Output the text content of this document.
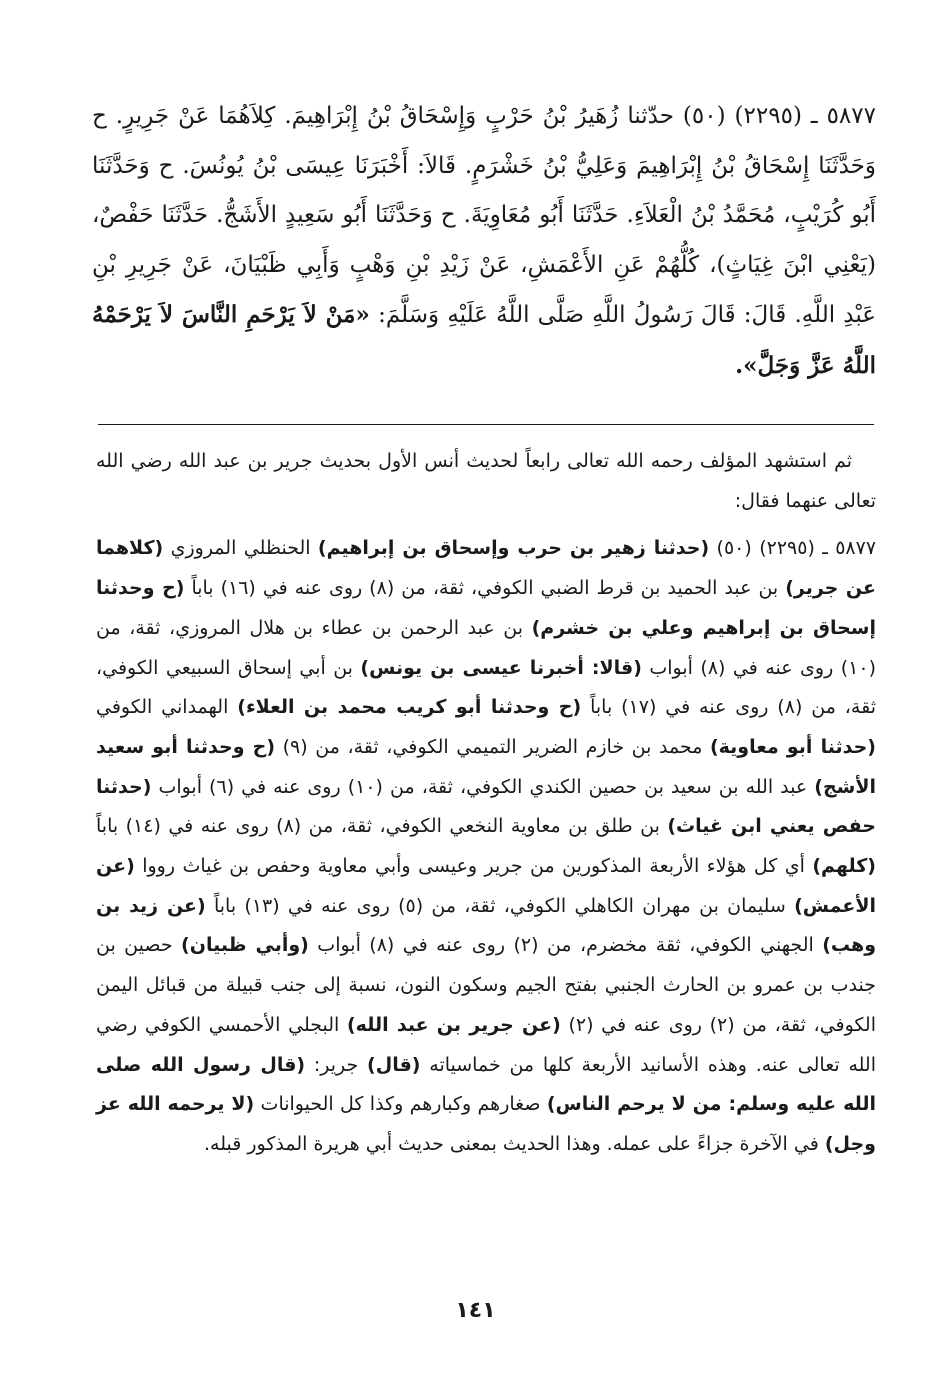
٥٨٧٧ ـ (٢٢٩٥) (٥٠) حدّثنا زُهَيرُ بْنُ حَرْبٍ وَإِسْحَاقُ بْنُ إِبْرَاهِيمَ. كِلاَهُمَا عَنْ جَرِيرٍ. ح وَحَدَّثَنَا إِسْحَاقُ بْنُ إِبْرَاهِيمَ وَعَلِيُّ بْنُ خَشْرَمٍ. قَالاَ: أَخْبَرَنَا عِيسَى بْنُ يُونُسَ. ح وَحَدَّثَنَا أَبُو كُرَيْبٍ، مُحَمَّدُ بْنُ الْعَلاَءِ. حَدَّثَنَا أَبُو مُعَاوِيَةَ. ح وَحَدَّثَنَا أَبُو سَعِيدٍ الأَشَجُّ. حَدَّثَنَا حَفْصٌ، (يَعْنِي ابْنَ غِيَاثٍ)، كُلُّهُمْ عَنِ الأَعْمَشِ، عَنْ زَيْدِ بْنِ وَهْبٍ وَأَبِي ظَبْيَانَ، عَنْ جَرِيرِ بْنِ عَبْدِ اللَّهِ. قَالَ: قَالَ رَسُولُ اللَّهِ صَلَّى اللَّهُ عَلَيْهِ وَسَلَّمَ: «مَنْ لاَ يَرْحَمِ النَّاسَ لاَ يَرْحَمْهُ اللَّهُ عَزَّ وَجَلَّ».

ثم استشهد المؤلف رحمه الله تعالى رابعاً لحديث أنس الأول بحديث جرير بن عبد الله رضي الله تعالى عنهما فقال:

٥٨٧٧ ـ (٢٢٩٥) (٥٠) (حدثنا زهير بن حرب وإسحاق بن إبراهيم) الحنظلي المروزي (كلاهما عن جرير) بن عبد الحميد بن قرط الضبي الكوفي، ثقة، من (٨) روى عنه في (١٦) باباً (ح وحدثنا إسحاق بن إبراهيم وعلي بن خشرم) بن عبد الرحمن بن عطاء بن هلال المروزي، ثقة، من (١٠) روى عنه في (٨) أبواب (قالا: أخبرنا عيسى بن يونس) بن أبي إسحاق السبيعي الكوفي، ثقة، من (٨) روى عنه في (١٧) باباً (ح وحدثنا أبو كريب محمد بن العلاء) الهمداني الكوفي (حدثنا أبو معاوية) محمد بن خازم الضرير التميمي الكوفي، ثقة، من (٩) (ح وحدثنا أبو سعيد الأشج) عبد الله بن سعيد بن حصين الكندي الكوفي، ثقة، من (١٠) روى عنه في (٦) أبواب (حدثنا حفص يعني ابن غياث) بن طلق بن معاوية النخعي الكوفي، ثقة، من (٨) روى عنه في (١٤) باباً (كلهم) أي كل هؤلاء الأربعة المذكورين من جرير وعيسى وأبي معاوية وحفص بن غياث رووا (عن الأعمش) سليمان بن مهران الكاهلي الكوفي، ثقة، من (٥) روى عنه في (١٣) باباً (عن زيد بن وهب) الجهني الكوفي، ثقة مخضرم، من (٢) روى عنه في (٨) أبواب (وأبي ظبيان) حصين بن جندب بن عمرو بن الحارث الجنبي بفتح الجيم وسكون النون، نسبة إلى جنب قبيلة من قبائل اليمن الكوفي، ثقة، من (٢) روى عنه في (٢) (عن جرير بن عبد الله) البجلي الأحمسي الكوفي رضي الله تعالى عنه. وهذه الأسانيد الأربعة كلها من خماسياته (قال) جرير: (قال رسول الله صلى الله عليه وسلم: من لا يرحم الناس) صغارهم وكبارهم وكذا كل الحيوانات (لا يرحمه الله عز وجل) في الآخرة جزاءً على عمله. وهذا الحديث بمعنى حديث أبي هريرة المذكور قبله.

١٤١
